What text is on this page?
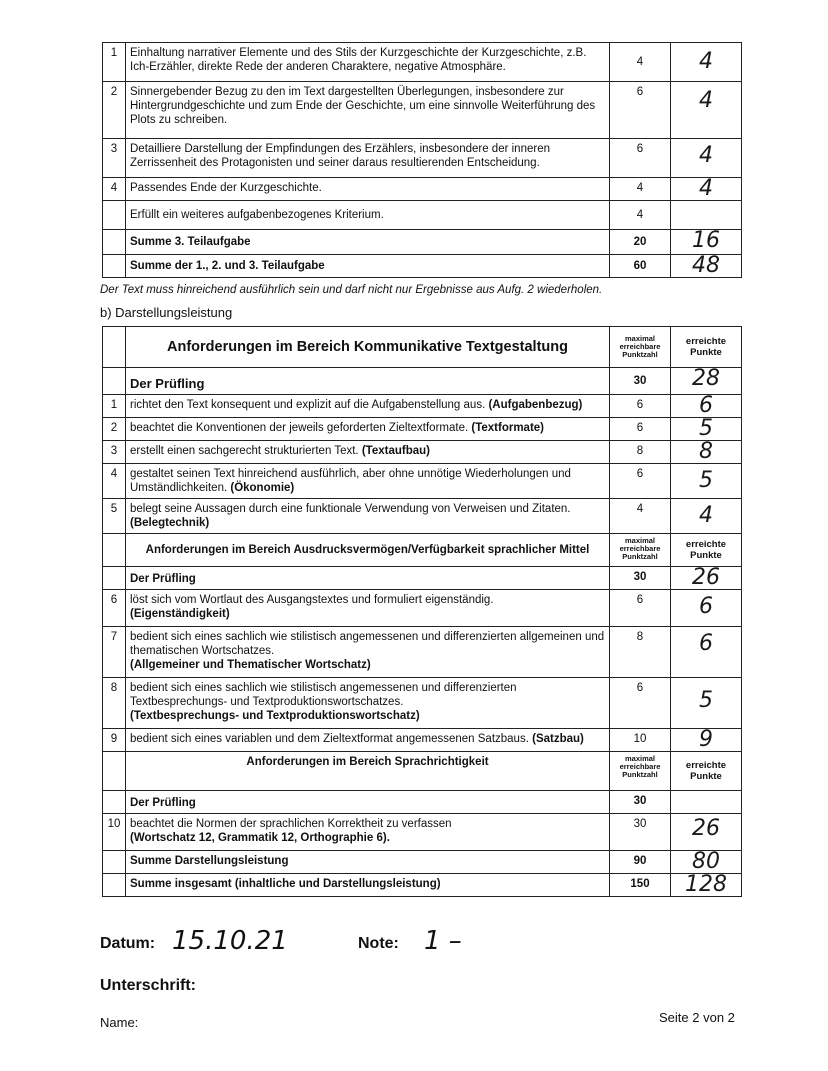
1	Einhaltung narrativer Elemente und des Stils der Kurzgeschichte der Kurzgeschichte, z.B. Ich-Erzähler, direkte Rede der anderen Charaktere, negative Atmosphäre.	4	4

2	Sinnergebender Bezug zu den im Text dargestellten Überlegungen, insbesondere zur Hintergrundgeschichte und zum Ende der Geschichte, um eine sinnvolle Weiterführung des Plots zu schreiben.	6	4

3	Detailliere Darstellung der Empfindungen des Erzählers, insbesondere der inneren Zerrissenheit des Protagonisten und seiner daraus resultierenden Entscheidung.	6	4

4	Passendes Ende der Kurzgeschichte.	4	4

	Erfüllt ein weiteres aufgabenbezogenes Kriterium.	4	
	Summe 3. Teilaufgabe	20	16

	Summe der 1., 2. und 3. Teilaufgabe	60	48
Der Text muss hinreichend ausführlich sein und darf nicht nur Ergebnisse aus Aufg. 2 wiederholen.
b) Darstellungsleistung
	Anforderungen im Bereich Kommunikative Textgestaltung	maximal erreichbare Punktzahl	erreichte Punkte
	Der Prüfling	30	28

1	richtet den Text konsequent und explizit auf die Aufgabenstellung aus. (Aufgabenbezug)	6	6

2	beachtet die Konventionen der jeweils geforderten Zieltextformate. (Textformate)	6	5

3	erstellt einen sachgerecht strukturierten Text. (Textaufbau)	8	8

4	gestaltet seinen Text hinreichend ausführlich, aber ohne unnötige Wiederholungen und Umständlichkeiten. (Ökonomie)	6	5

5	belegt seine Aussagen durch eine funktionale Verwendung von Verweisen und Zitaten. (Belegtechnik)	4	4

	Anforderungen im Bereich Ausdrucksvermögen/Verfügbarkeit sprachlicher Mittel	maximal erreichbare Punktzahl	erreichte Punkte
	Der Prüfling	30	26

6	löst sich vom Wortlaut des Ausgangstextes und formuliert eigenständig.
(Eigenständigkeit)	6	6

7	bedient sich eines sachlich wie stilistisch angemessenen und differenzierten allgemeinen und thematischen Wortschatzes.
(Allgemeiner und Thematischer Wortschatz)	8	6

8	bedient sich eines sachlich wie stilistisch angemessenen und differenzierten Textbesprechungs- und Textproduktionswortschatzes.
(Textbesprechungs- und Textproduktionswortschatz)	6	5

9	bedient sich eines variablen und dem Zieltextformat angemessenen Satzbaus. (Satzbau)	10	9

	Anforderungen im Bereich Sprachrichtigkeit	maximal erreichbare Punktzahl	erreichte Punkte
	Der Prüfling	30	
10	beachtet die Normen der sprachlichen Korrektheit zu verfassen
(Wortschatz 12, Grammatik 12, Orthographie 6).	30	26

	Summe Darstellungsleistung	90	80

	Summe insgesamt (inhaltliche und Darstellungsleistung)	150	128
Datum: 15.10.21	Note: 1 –
Unterschrift:
Name:	Seite 2 von 2
